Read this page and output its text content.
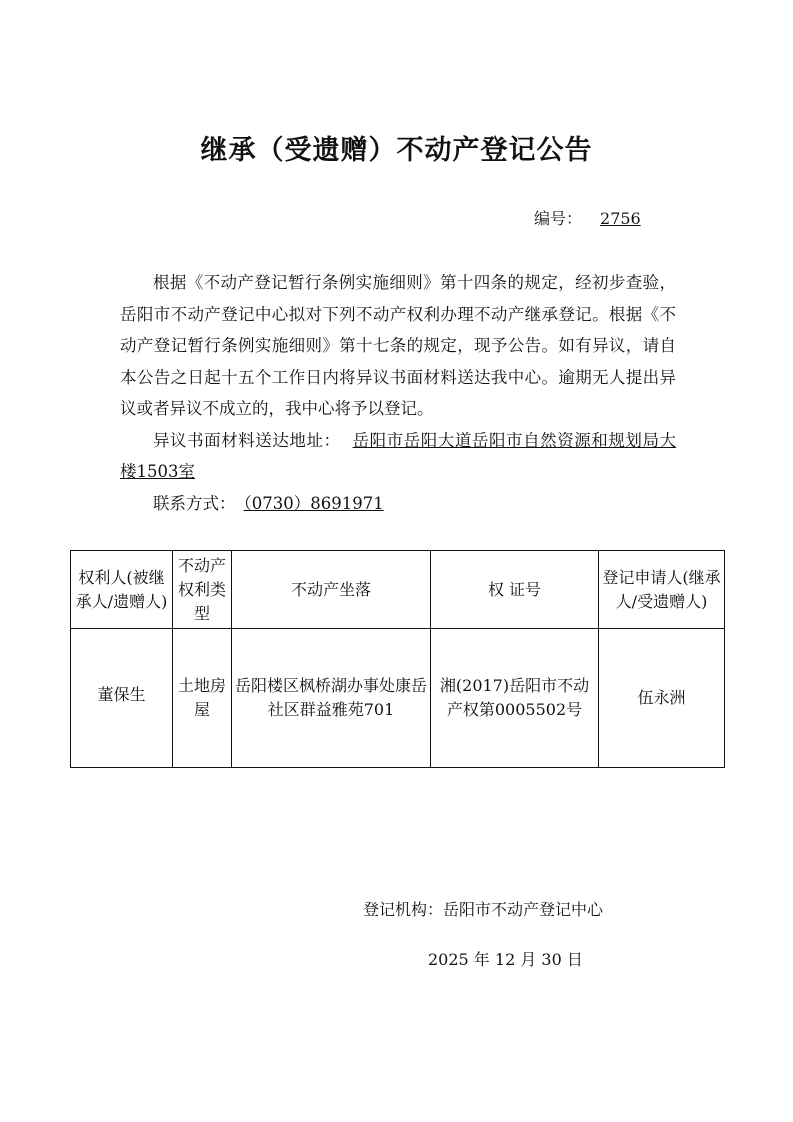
继承（受遗赠）不动产登记公告
编号： 2756

根据《不动产登记暂行条例实施细则》第十四条的规定，经初步查验，岳阳市不动产登记中心拟对下列不动产权利办理不动产继承登记。根据《不动产登记暂行条例实施细则》第十七条的规定，现予公告。如有异议，请自本公告之日起十五个工作日内将异议书面材料送达我中心。逾期无人提出异议或者异议不成立的，我中心将予以登记。

异议书面材料送达地址： 岳阳市岳阳大道岳阳市自然资源和规划局大楼1503室

联系方式： （0730）8691971

权利人(被继承人/遗赠人)	不动产权利类型	不动产坐落	权 证号	登记申请人(继承人/受遗赠人)
董保生	土地房屋	岳阳楼区枫桥湖办事处康岳社区群益雅苑701	湘(2017)岳阳市不动产权第0005502号	伍永洲
登记机构：岳阳市不动产登记中心
2025 年 12 月 30 日
